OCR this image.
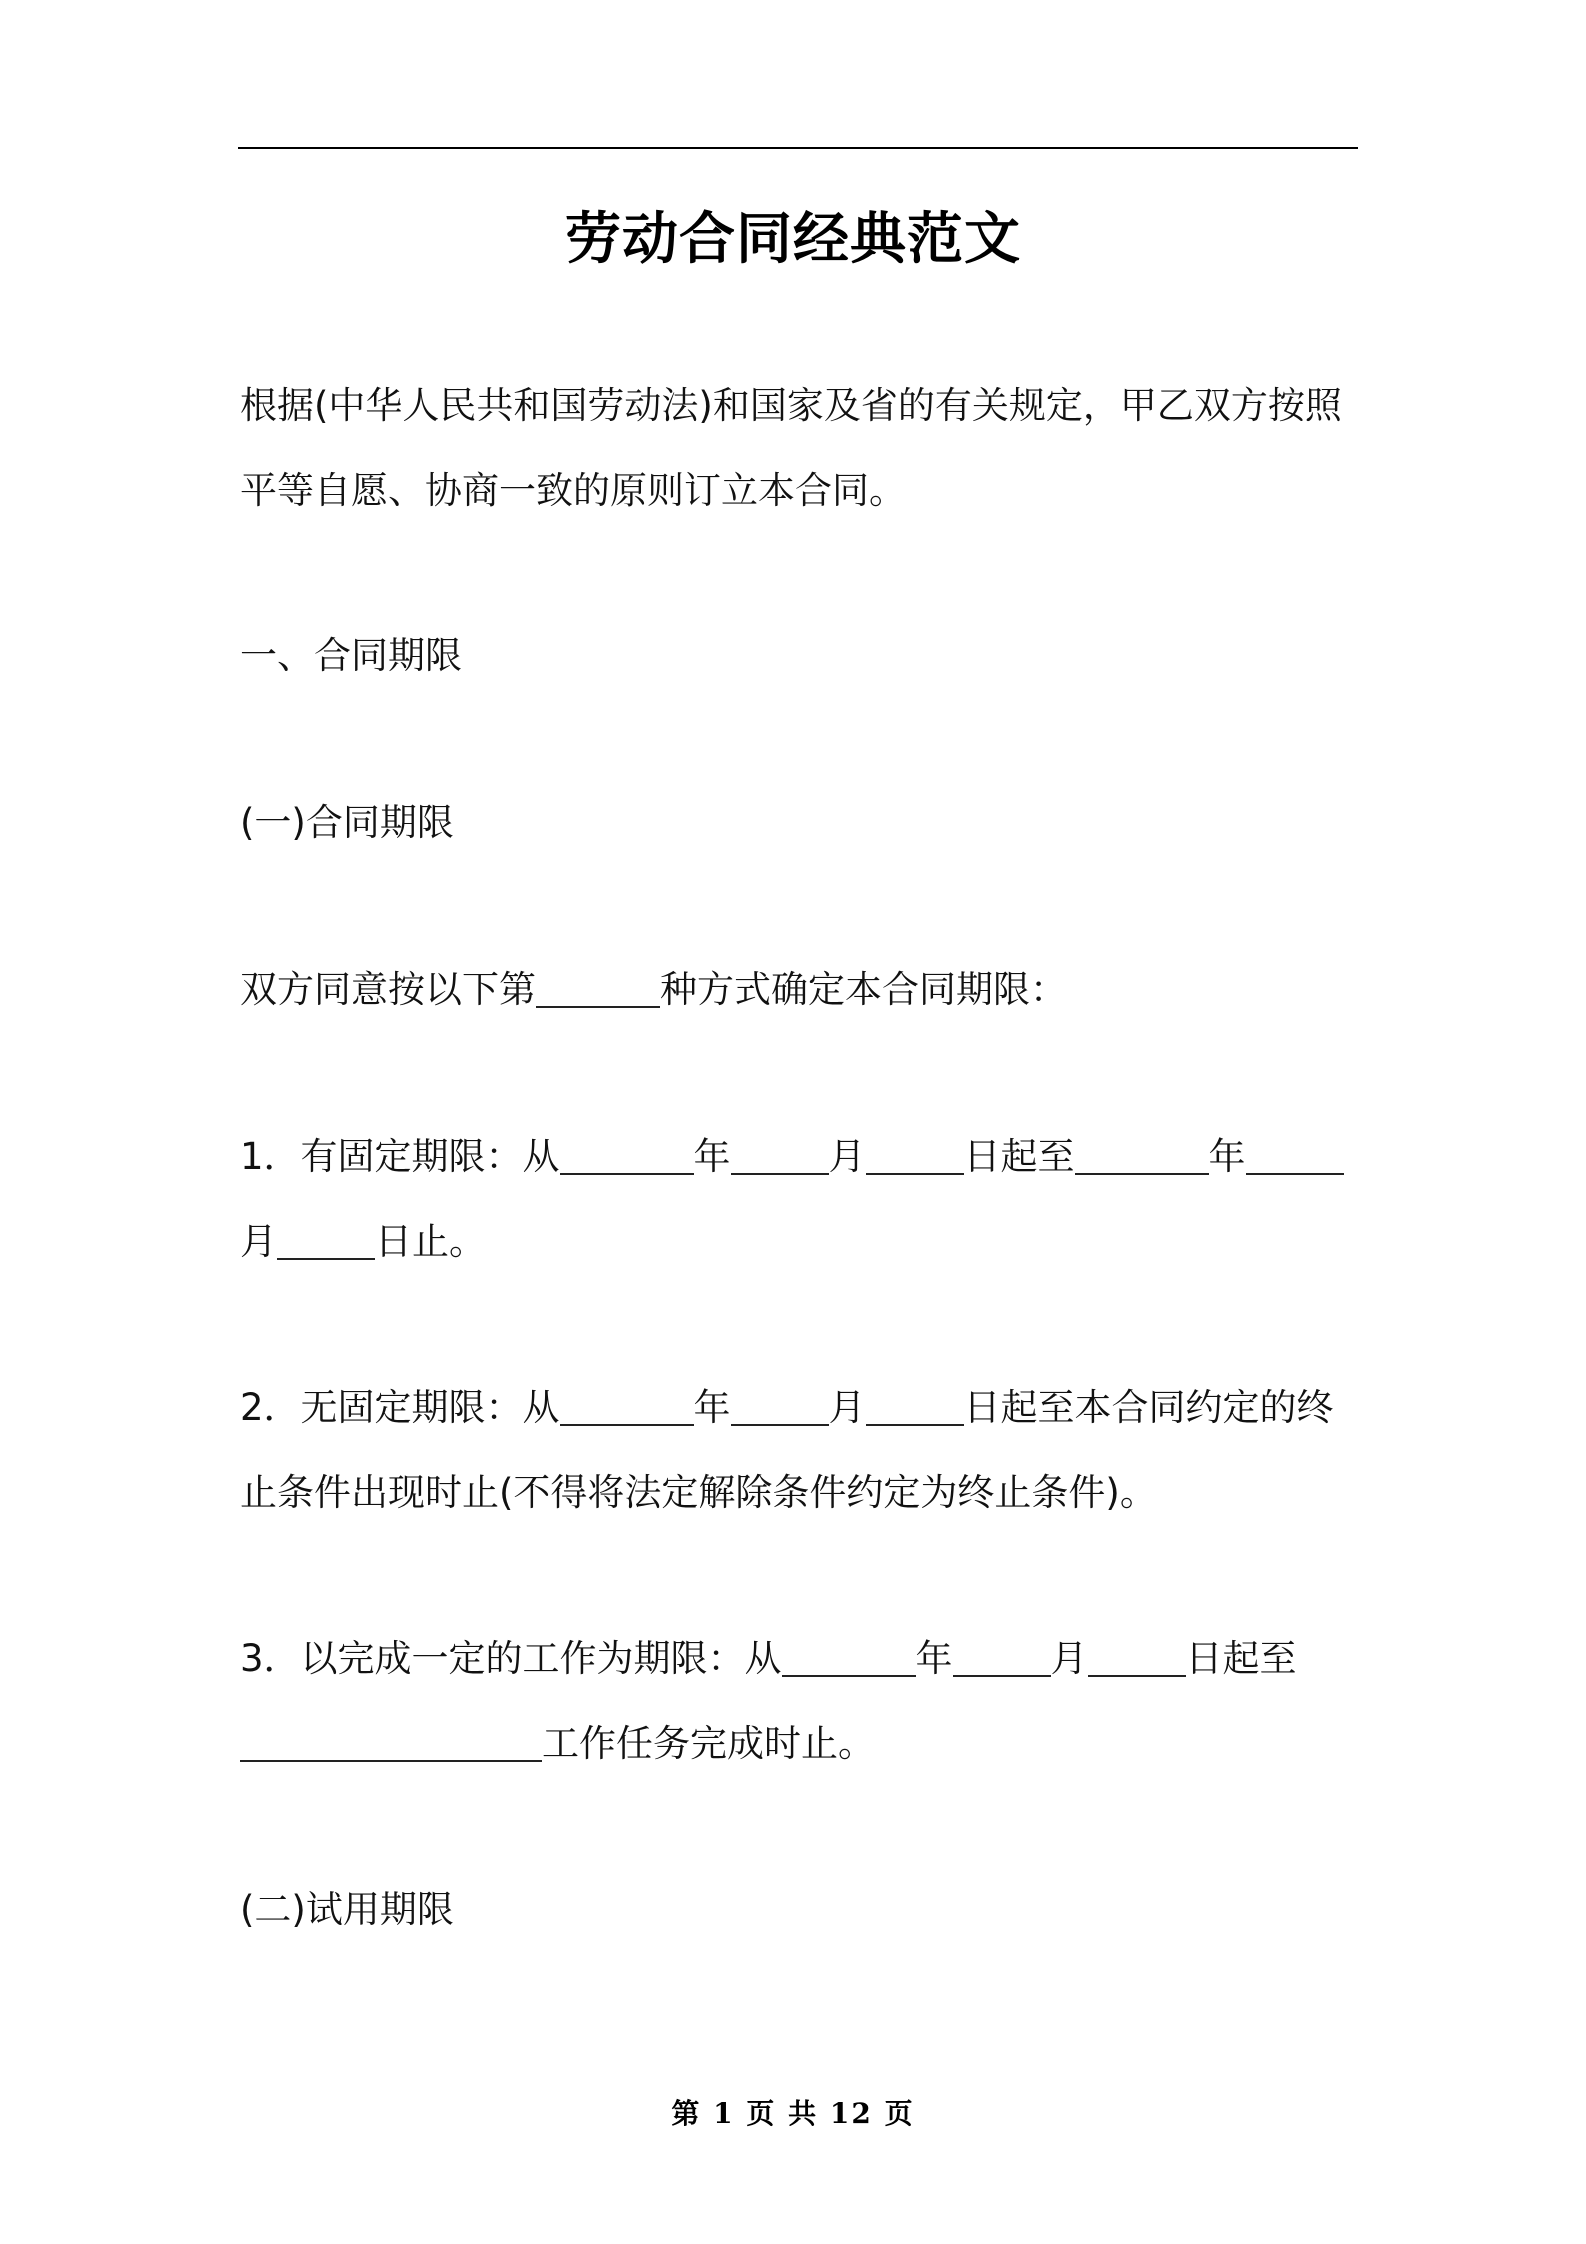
劳动合同经典范文
根据(中华人民共和国劳动法)和国家及省的有关规定，甲乙双方按照
平等自愿、协商一致的原则订立本合同。
一、合同期限
(一)合同期限
双方同意按以下第	种方式确定本合同期限：
1．有固定期限：从	年	月	日起至	年
月	日止。
2．无固定期限：从	年	月	日起至本合同约定的终
止条件出现时止(不得将法定解除条件约定为终止条件)。
3．以完成一定的工作为期限：从	年	月	日起至
工作任务完成时止。
(二)试用期限
第 1 页 共 12 页
